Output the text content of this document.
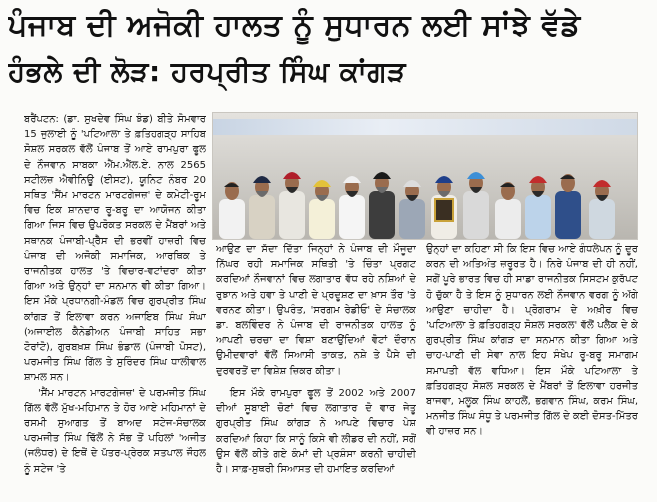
ਪੰਜਾਬ ਦੀ ਅਜੋਕੀ ਹਾਲਤ ਨੂੰ ਸੁਧਾਰਨ ਲਈ ਸਾਂਝੇ ਵੱਡੇ
ਹੰਭਲੇ ਦੀ ਲੋੜ: ਹਰਪ੍ਰੀਤ ਸਿੰਘ ਕਾਂਗੜ
ਬਰੈਂਪਟਨ: (ਡਾ. ਸੁਖਦੇਵ ਸਿੰਘ ਝੰਡ) ਬੀਤੇ ਸੋਮਵਾਰ 15 ਜੁਲਾਈ ਨੂੰ 'ਪਟਿਆਲਾ ਤੇ ਫ਼ਤਿਹਗੜ੍ਹ ਸਾਹਿਬ ਸੋਸ਼ਲ ਸਰਕਲ ਵੱਲੋਂ ਪੰਜਾਬ ਤੋਂ ਆਏ ਰਾਮਪੁਰਾ ਫੂਲ ਦੇ ਨੌਜਵਾਨ ਸਾਬਕਾ ਐੱਮ.ਐੱਲ.ਏ. ਨਾਲ 2565 ਸਟੀਲਜ਼ ਐਵੀਨਿਊ (ਈਸਟ), ਯੂਨਿਟ ਨੰਬਰ 20 ਸਥਿਤ 'ਸੈਂਮ ਮਾਰਟਨ ਮਾਰਟਗੇਜਜ਼' ਦੇ ਕਮੇਟੀ-ਰੂਮ ਵਿਚ ਇਕ ਸ਼ਾਨਦਾਰ ਰੂ-ਬਰੂ ਦਾ ਆਯੋਜਨ ਕੀਤਾ ਗਿਆ ਜਿਸ ਵਿਚ ਉਪਰੋਕਤ ਸਰਕਲ ਦੇ ਮੈਂਬਰਾਂ ਅਤੇ ਸਥਾਨਕ ਪੰਜਾਬੀ-ਪ੍ਰੈੱਸ ਦੀ ਭਰਵੀਂ ਹਾਜ਼ਰੀ ਵਿਚ ਪੰਜਾਬ ਦੀ ਅਜੋਕੀ ਸਮਾਜਿਕ, ਆਰਥਿਕ ਤੇ ਰਾਜਨੀਤਕ ਹਾਲਤ 'ਤੇ ਵਿਚਾਰ-ਵਟਾਂਦਰਾ ਕੀਤਾ ਗਿਆ ਅਤੇ ਉਨ੍ਹਾਂ ਦਾ ਸਨਮਾਨ ਵੀ ਕੀਤਾ ਗਿਆ। ਇਸ ਮੌਕੇ ਪ੍ਰਧਾਨਗੀ-ਮੰਡਲ ਵਿਚ ਗੁਰਪ੍ਰੀਤ ਸਿੰਘ ਕਾਂਗੜ ਤੋਂ ਇਲਾਵਾ ਕਰਨ ਅਜਾਇਬ ਸਿੰਘ ਸੰਘਾ (ਅਜਾਈਲ ਕੈਨੇਡੀਅਨ ਪੰਜਾਬੀ ਸਾਹਿਤ ਸਭਾ ਟੋਰਾਂਟੋ), ਗੁਰਬਖ਼ਸ਼ ਸਿੰਘ ਭੰਡਾਲ (ਪੰਜਾਬੀ ਪੋਸਟ), ਪਰਮਜੀਤ ਸਿੰਘ ਗਿੱਲ ਤੇ ਸੁਰਿੰਦਰ ਸਿੰਘ ਧਾਲੀਵਾਲ ਸ਼ਾਮਲ ਸਨ।
'ਸੈਂਮ ਮਾਰਟਨ ਮਾਰਟਗੇਜਜ਼' ਦੇ ਪਰਮਜੀਤ ਸਿੰਘ ਗਿੱਲ ਵੱਲੋਂ ਮੁੱਖ-ਮਹਿਮਾਨ ਤੇ ਹੋਰ ਆਏ ਮਹਿਮਾਨਾਂ ਦੇ ਰਸਮੀ ਸੁਆਗਤ ਤੋਂ ਬਾਅਦ ਸਟੇਜ-ਸੰਚਾਲਕ ਪਰਮਜੀਤ ਸਿੰਘ ਢਿੱਲੋਂ ਨੇ ਸੱਭ ਤੋਂ ਪਹਿਲਾਂ 'ਅਜੀਤ (ਜਲੰਧਰ) ਦੇ ਇਥੋਂ ਦੇ ਪੱਤਰ-ਪ੍ਰੇਰਕ ਸਤਪਾਲ ਜੌਹਲ ਨੂੰ ਸਟੇਜ 'ਤੇ
ਆਉਣ ਦਾ ਸੱਦਾ ਦਿੱਤਾ ਜਿਨ੍ਹਾਂ ਨੇ ਪੰਜਾਬ ਦੀ ਮੌਜੂਦਾ ਨਿੱਘਰ ਰਹੀ ਸਮਾਜਿਕ ਸਥਿਤੀ 'ਤੇ ਚਿੰਤਾ ਪ੍ਰਗਟ ਕਰਦਿਆਂ ਨੌਜਵਾਨਾਂ ਵਿਚ ਲਗਾਤਾਰ ਵੱਧ ਰਹੇ ਨਸ਼ਿਆਂ ਦੇ ਰੁਝਾਨ ਅਤੇ ਹਵਾ ਤੇ ਪਾਣੀ ਦੇ ਪ੍ਰਦੂਸ਼ਣ ਦਾ ਖ਼ਾਸ ਤੌਰ 'ਤੇ ਵਰਨਣ ਕੀਤਾ। ਉਪਰੰਤ, 'ਸਰਗਮ ਰੇਡੀਓ' ਦੇ ਸੰਚਾਲਕ ਡਾ. ਬਲਵਿੰਦਰ ਨੇ ਪੰਜਾਬ ਦੀ ਰਾਜਨੀਤਕ ਹਾਲਤ ਨੂੰ ਆਪਣੀ ਚਰਚਾ ਦਾ ਵਿਸ਼ਾ ਬਣਾਉਂਦਿਆਂ ਵੋਟਾਂ ਦੌਰਾਨ ਉਮੀਦਵਾਰਾਂ ਵੱਲੋਂ ਸਿਆਸੀ ਤਾਕਤ, ਨਸ਼ੇ ਤੇ ਪੈਸੇ ਦੀ ਦੁਰਵਰਤੋਂ ਦਾ ਵਿਸ਼ੇਸ਼ ਜ਼ਿਕਰ ਕੀਤਾ।
ਇਸ ਮੌਕੇ ਰਾਮਪੁਰਾ ਫੂਲ ਤੋਂ 2002 ਅਤੇ 2007 ਦੀਆਂ ਸੂਬਾਈ ਚੋਣਾਂ ਵਿਚ ਲਗਾਤਾਰ ਦੋ ਵਾਰ ਜੇਤੂ ਗੁਰਪ੍ਰੀਤ ਸਿੰਘ ਕਾਂਗੜ ਨੇ ਆਪਣੇ ਵਿਚਾਰ ਪੇਸ਼ ਕਰਦਿਆਂ ਕਿਹਾ ਕਿ ਸਾਨੂੰ ਕਿਸੇ ਵੀ ਲੀਡਰ ਦੀ ਨਹੀਂ, ਸਗੋਂ ਉਸ ਵੱਲੋਂ ਕੀਤੇ ਗਏ ਕੰਮਾਂ ਦੀ ਪ੍ਰਸ਼ੰਸਾ ਕਰਨੀ ਚਾਹੀਦੀ ਹੈ। ਸਾਫ਼-ਸੁਥਰੀ ਸਿਆਸਤ ਦੀ ਹਮਾਇਤ ਕਰਦਿਆਂ
ਉਨ੍ਹਾਂ ਦਾ ਕਹਿਣਾ ਸੀ ਕਿ ਇਸ ਵਿਚ ਆਏ ਗੰਧਲੇਪਨ ਨੂੰ ਦੂਰ ਕਰਨ ਦੀ ਅਤਿਅੰਤ ਜ਼ਰੂਰਤ ਹੈ। ਨਿਰੇ ਪੰਜਾਬ ਦੀ ਹੀ ਨਹੀਂ, ਸਗੋਂ ਪੂਰੇ ਭਾਰਤ ਵਿਚ ਹੀ ਸਾਡਾ ਰਾਜਨੀਤਕ ਸਿਸਟਮ ਕੁਰੱਪਟ ਹੋ ਚੁੱਕਾ ਹੈ ਤੇ ਇਸ ਨੂੰ ਸੁਧਾਰਨ ਲਈ ਨੌਜਵਾਨ ਵਰਗ ਨੂੰ ਅੱਗੇ ਆਉਣਾ ਚਾਹੀਦਾ ਹੈ। ਪ੍ਰੋਗਰਾਮ ਦੇ ਅਖ਼ੀਰ ਵਿਚ 'ਪਟਿਆਲਾ ਤੇ ਫ਼ਤਿਹਗੜ੍ਹ ਸੋਸ਼ਲ ਸਰਕਲ' ਵੱਲੋਂ ਪਲੈਕ ਦੇ ਕੇ ਗੁਰਪ੍ਰੀਤ ਸਿੰਘ ਕਾਂਗੜ ਦਾ ਸਨਮਾਨ ਕੀਤਾ ਗਿਆ ਅਤੇ ਚਾਹ-ਪਾਣੀ ਦੀ ਸੇਵਾ ਨਾਲ ਇਹ ਸੰਖੇਪ ਰੂ-ਬਰੂ ਸਮਾਗਮ ਸਮਾਪਤੀ ਵੱਲ ਵਧਿਆ। ਇਸ ਮੌਕੇ ਪਟਿਆਲਾ ਤੇ ਫ਼ਤਿਹਗੜ੍ਹ ਸੋਸ਼ਲ ਸਰਕਲ ਦੇ ਮੈਂਬਰਾਂ ਤੋਂ ਇਲਾਵਾ ਹਰਜੀਤ ਬਾਜਵਾ, ਮਲੂਕ ਸਿੰਘ ਕਾਹਲੋਂ, ਭਗਵਾਨ ਸਿੰਘ, ਕਰਮ ਸਿੰਘ, ਮਨਜੀਤ ਸਿੰਘ ਸੰਧੂ ਤੇ ਪਰਮਜੀਤ ਗਿੱਲ ਦੇ ਕਈ ਦੋਸਤ-ਮਿੱਤਰ ਵੀ ਹਾਜ਼ਰ ਸਨ।
